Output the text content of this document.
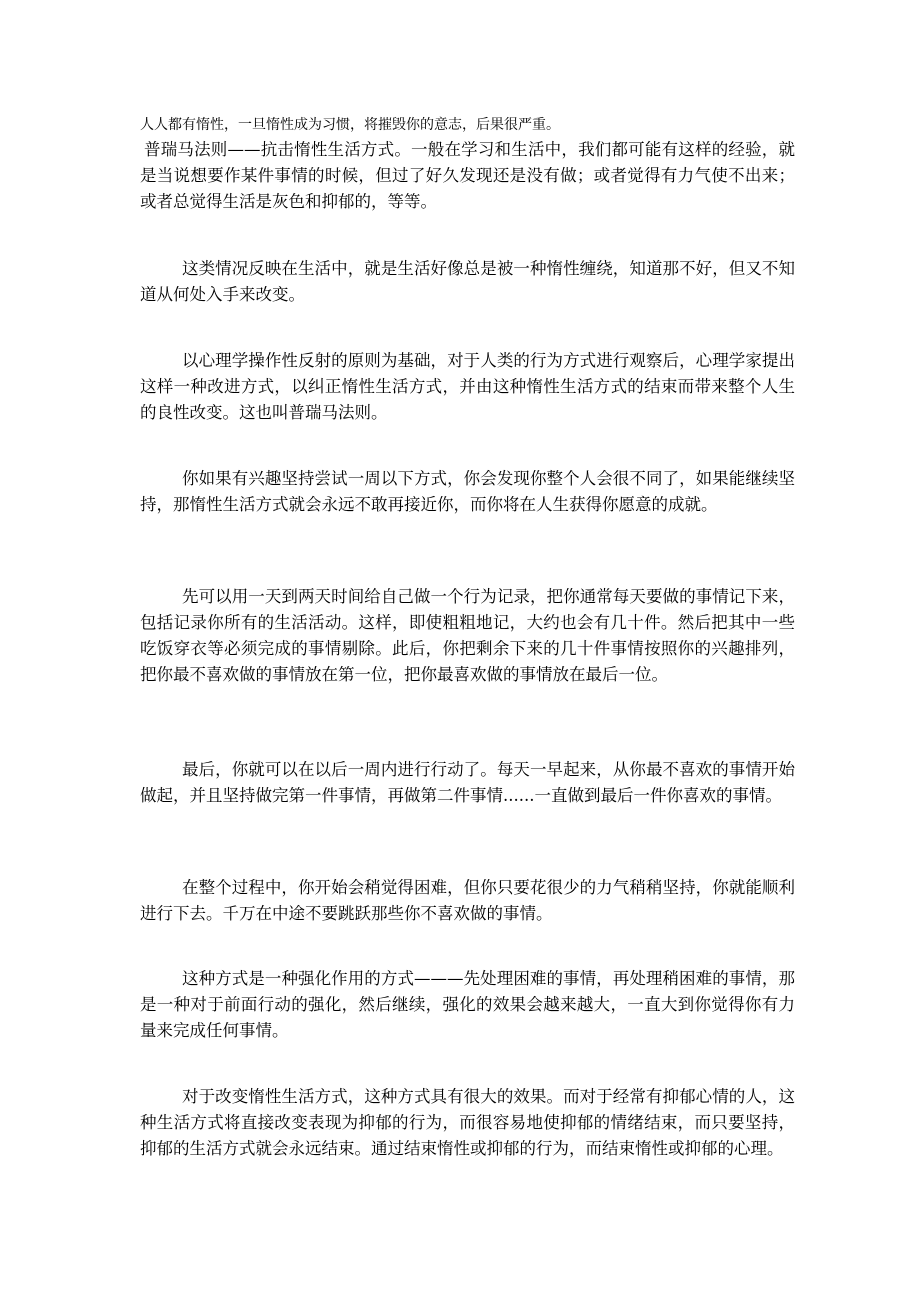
人人都有惰性，一旦惰性成为习惯，将摧毁你的意志，后果很严重。
普瑞马法则——抗击惰性生活方式。一般在学习和生活中，我们都可能有这样的经验，就是当说想要作某件事情的时候，但过了好久发现还是没有做；或者觉得有力气使不出来；或者总觉得生活是灰色和抑郁的，等等。
这类情况反映在生活中，就是生活好像总是被一种惰性缠绕，知道那不好，但又不知道从何处入手来改变。
以心理学操作性反射的原则为基础，对于人类的行为方式进行观察后，心理学家提出这样一种改进方式，以纠正惰性生活方式，并由这种惰性生活方式的结束而带来整个人生的良性改变。这也叫普瑞马法则。
你如果有兴趣坚持尝试一周以下方式，你会发现你整个人会很不同了，如果能继续坚持，那惰性生活方式就会永远不敢再接近你，而你将在人生获得你愿意的成就。
先可以用一天到两天时间给自己做一个行为记录，把你通常每天要做的事情记下来，包括记录你所有的生活活动。这样，即使粗粗地记，大约也会有几十件。然后把其中一些吃饭穿衣等必须完成的事情剔除。此后，你把剩余下来的几十件事情按照你的兴趣排列，把你最不喜欢做的事情放在第一位，把你最喜欢做的事情放在最后一位。
最后，你就可以在以后一周内进行行动了。每天一早起来，从你最不喜欢的事情开始做起，并且坚持做完第一件事情，再做第二件事情......一直做到最后一件你喜欢的事情。
在整个过程中，你开始会稍觉得困难，但你只要花很少的力气稍稍坚持，你就能顺利进行下去。千万在中途不要跳跃那些你不喜欢做的事情。
这种方式是一种强化作用的方式———先处理困难的事情，再处理稍困难的事情，那是一种对于前面行动的强化，然后继续，强化的效果会越来越大，一直大到你觉得你有力量来完成任何事情。
对于改变惰性生活方式，这种方式具有很大的效果。而对于经常有抑郁心情的人，这种生活方式将直接改变表现为抑郁的行为，而很容易地使抑郁的情绪结束，而只要坚持，抑郁的生活方式就会永远结束。通过结束惰性或抑郁的行为，而结束惰性或抑郁的心理。
